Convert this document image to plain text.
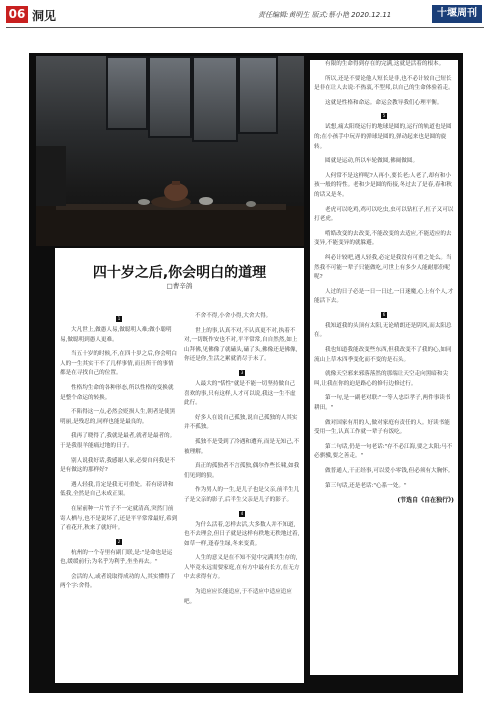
06 洞见	责任编辑:黄明生 版式:蔡小艳 2020.12.11	十堰周刊
四十岁之后,你会明白的道理
□曹辛鸽
1

大凡世上,做愚人易,做聪明人难;做小聪明易,做聪明到愚人更难。

当五十岁的时候,不,在四十岁之后,你会明白人的一生其实干不了几样事情,而且所干的事情都是在寻找自己的位置。

性格均生命的各种形态,所以性格的变换就是整个命运的转换。

不陷得这一点,必然会贬损人生,朝者是使黑明丽,是残忍的,同样也能是最良的。

我再了晓得了,我就是最者,就者是最者的。于是我很羊能痛过地的日子。

别人说我好话,我感谢人家,必要自问我是不是有做这的那样好?

遇人轻我,肯定是我无可重处。若有谤讲和低我,全然是自己未成正果。

在屋前种一片竹子不一定就清高,突然门前寄人栖与,也不是说坏了,还是平平常常最好,希到了看花开,秋来了就好叶。

2

杭州的一个寺里有副门联,是:"是命也是运也,缓缓前行;为名乎为利乎,坐坐再去。"

会活的人,或者说取得成功的人,其实懂得了两个字:舍得。

不舍不得,小舍小得,大舍大得。

世上的事,认真不对,不认真更不对,执着不对,一切既作安也不对,平平常常,自自然然,如上山拜佛,见佛像了就磕头,磕了头,佛像还是佛像,你还是你,生活之累就消尽于未了。

3

人最大的"恬性"就是不能一切坚持做自己喜欢的事,只有这样,人才可以说,我这一生不虚此行。

好多人在说自己孤独,说自己孤独的人其实并不孤独。

孤独不是受到了冷遇和遭弃,而是无知己,不被理解。

真正的孤独者不言孤独,偶尔作些长啸,如我们见到的狼。

作为男人的一生,是儿子也是父亲,前半生儿子是父亲的影子,后半生父亲是儿子的影子。

4

为什么活着,怎样去活,大多数人并不知道,也不去理会,但日子就是这样有秩地无秩地过着,如草一样,逢春生绿,冬来变黄。

人生的意义是在不知不觉中完满其生存的,人毕竟永远需要家庭,在有方中最有长方,在无方中去求得有方。

为追应应长能追应,于不适应中适应追应吧。

有限的生命得到存在的完满,这就是活着的根本。

所以,还是不要论他人短长是非,也不必计较自己短长是非在让人去说:不热衷,不型邦,以自己的生命体验着走。

这就是性格和命运。命运会教导我们心理平衡。

5

试想,痛太阳绕运行的地球是圆的,运行的轨道也是圆的;在小孩手中玩弄的弹球是圆的,弹动起来也是圆的旋转。

圆就是运动,所以车轮做圆,佛阔做圆。

人何常不是这样呢?人再小,要长老;人老了,却有和小孩一般的特性。老和少是圆的衔接,冬过去了是春,春和秋的话又是冬。

老虎可以吃鸡,鸡可以吃虫,虫可以钻杠子,杠子又可以打老虎。

啃皓改变的去改变,不能改变的去适应,不能适应的去变异,不能变异的就躲避。

纠必计较吧,遇人轻我,必定是我没有可重之处么。当然我不可能一辈子只能做吃,可世上有多少人能耐那份呢呢?

人过的日子必是一日一日过,一日迷魔,心上有个人,才能活下去。

6

我知道我的头顶有太阳,无论晴朗还是阴风,而太阳总在。

我也知道我能改变些东西,但我改变不了我的心,如同流山上草木四季变化而不变的是石头。

就像天空邪来邪落落然的那端让天空走向黑暗和尖叫,让我在你的迫是路心的修行边修过行。

第一句,是一副老对联:"一等人忠臣孝子,两件事读书耕田。"

做对国家有用的人,做对家庭有责任的人。好读书能受用一生,认真工作就一辈子有饭吃。

第二句话,仍是一句老话:"存不必江海,要之太阳;马不必骐骥,要之善走。"

做普通人,干正经事,可以爱小零钱,但必须有大胸怀。

第三句话,还是老话:"心系一处。"

(节选自《自在独行》)
